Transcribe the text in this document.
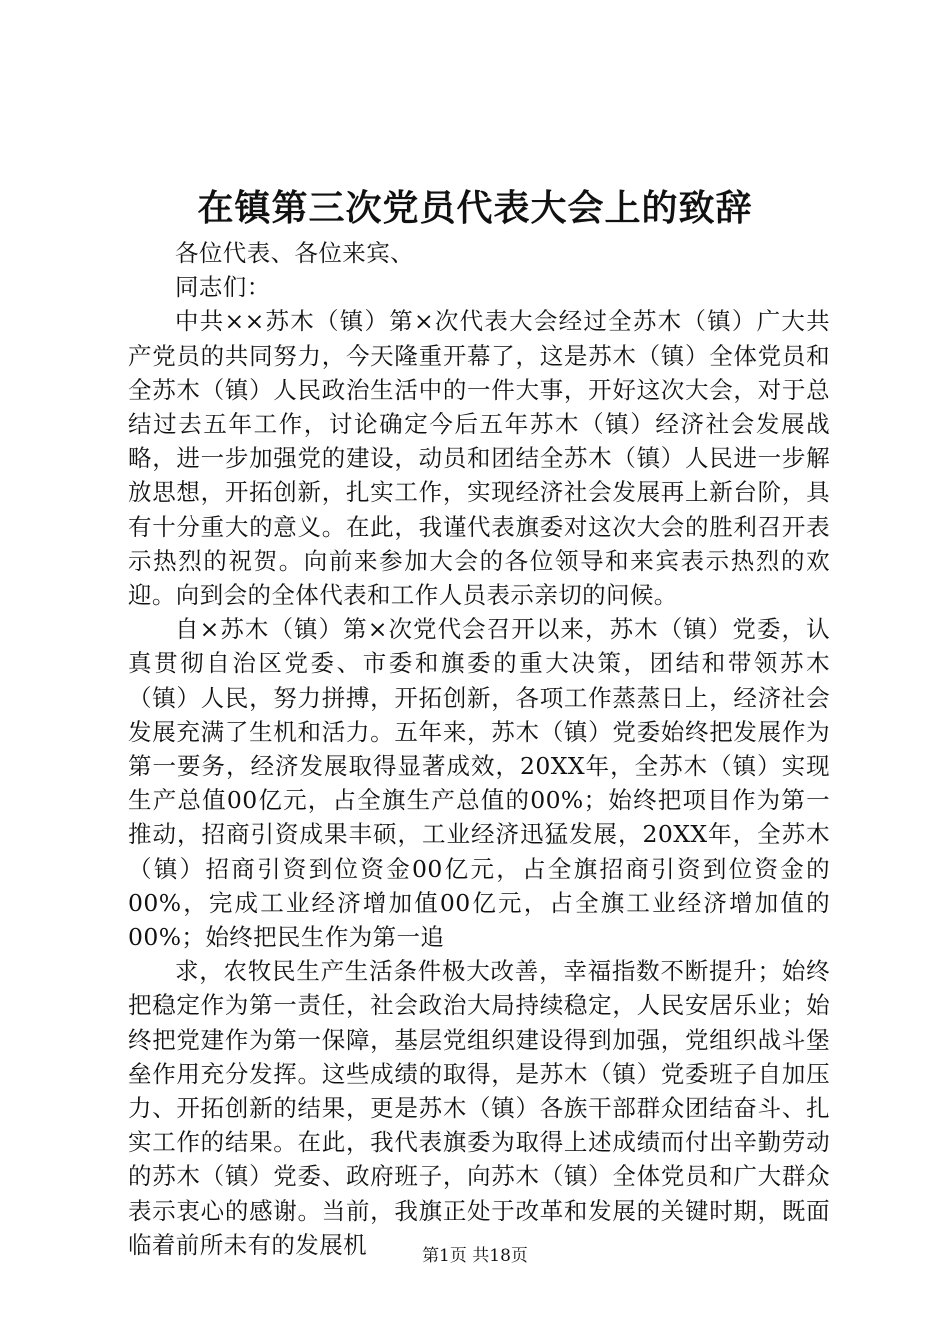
在镇第三次党员代表大会上的致辞

各位代表、各位来宾、

同志们：

中共××苏木（镇）第×次代表大会经过全苏木（镇）广大共产党员的共同努力，今天隆重开幕了，这是苏木（镇）全体党员和全苏木（镇）人民政治生活中的一件大事，开好这次大会，对于总结过去五年工作，讨论确定今后五年苏木（镇）经济社会发展战略，进一步加强党的建设，动员和团结全苏木（镇）人民进一步解放思想，开拓创新，扎实工作，实现经济社会发展再上新台阶，具有十分重大的意义。在此，我谨代表旗委对这次大会的胜利召开表示热烈的祝贺。向前来参加大会的各位领导和来宾表示热烈的欢迎。向到会的全体代表和工作人员表示亲切的问候。

自×苏木（镇）第×次党代会召开以来，苏木（镇）党委，认真贯彻自治区党委、市委和旗委的重大决策，团结和带领苏木（镇）人民，努力拼搏，开拓创新，各项工作蒸蒸日上，经济社会发展充满了生机和活力。五年来，苏木（镇）党委始终把发展作为第一要务，经济发展取得显著成效，20XX年，全苏木（镇）实现生产总值00亿元，占全旗生产总值的00%；始终把项目作为第一推动，招商引资成果丰硕，工业经济迅猛发展，20XX年，全苏木（镇）招商引资到位资金00亿元，占全旗招商引资到位资金的00%，完成工业经济增加值00亿元，占全旗工业经济增加值的00%；始终把民生作为第一追

求，农牧民生产生活条件极大改善，幸福指数不断提升；始终把稳定作为第一责任，社会政治大局持续稳定，人民安居乐业；始终把党建作为第一保障，基层党组织建设得到加强，党组织战斗堡垒作用充分发挥。这些成绩的取得，是苏木（镇）党委班子自加压力、开拓创新的结果，更是苏木（镇）各族干部群众团结奋斗、扎实工作的结果。在此，我代表旗委为取得上述成绩而付出辛勤劳动的苏木（镇）党委、政府班子，向苏木（镇）全体党员和广大群众表示衷心的感谢。当前，我旗正处于改革和发展的关键时期，既面临着前所未有的发展机	第1页 共18页
